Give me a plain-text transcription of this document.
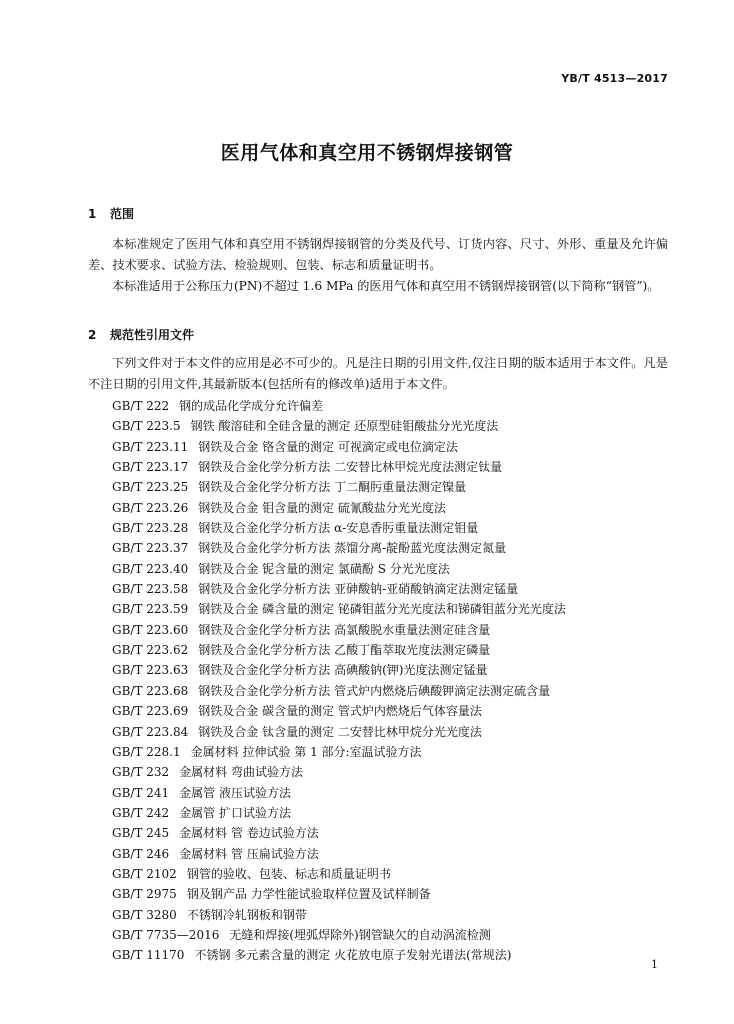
YB/T 4513—2017
医用气体和真空用不锈钢焊接钢管
1 范围

本标准规定了医用气体和真空用不锈钢焊接钢管的分类及代号、订货内容、尺寸、外形、重量及允许偏差、技术要求、试验方法、检验规则、包装、标志和质量证明书。

本标准适用于公称压力(PN)不超过 1.6 MPa 的医用气体和真空用不锈钢焊接钢管(以下简称“钢管”)。

2 规范性引用文件

下列文件对于本文件的应用是必不可少的。凡是注日期的引用文件,仅注日期的版本适用于本文件。凡是不注日期的引用文件,其最新版本(包括所有的修改单)适用于本文件。

GB/T 222 钢的成品化学成分允许偏差
GB/T 223.5 钢铁 酸溶硅和全硅含量的测定 还原型硅钼酸盐分光光度法
GB/T 223.11 钢铁及合金 铬含量的测定 可视滴定或电位滴定法
GB/T 223.17 钢铁及合金化学分析方法 二安替比林甲烷光度法测定钛量
GB/T 223.25 钢铁及合金化学分析方法 丁二酮肟重量法测定镍量
GB/T 223.26 钢铁及合金 钼含量的测定 硫氰酸盐分光光度法
GB/T 223.28 钢铁及合金化学分析方法 α-安息香肟重量法测定钼量
GB/T 223.37 钢铁及合金化学分析方法 蒸馏分离-靛酚蓝光度法测定氮量
GB/T 223.40 钢铁及合金 铌含量的测定 氯磺酚 S 分光光度法
GB/T 223.58 钢铁及合金化学分析方法 亚砷酸钠-亚硝酸钠滴定法测定锰量
GB/T 223.59 钢铁及合金 磷含量的测定 铋磷钼蓝分光光度法和锑磷钼蓝分光光度法
GB/T 223.60 钢铁及合金化学分析方法 高氯酸脱水重量法测定硅含量
GB/T 223.62 钢铁及合金化学分析方法 乙酸丁酯萃取光度法测定磷量
GB/T 223.63 钢铁及合金化学分析方法 高碘酸钠(钾)光度法测定锰量
GB/T 223.68 钢铁及合金化学分析方法 管式炉内燃烧后碘酸钾滴定法测定硫含量
GB/T 223.69 钢铁及合金 碳含量的测定 管式炉内燃烧后气体容量法
GB/T 223.84 钢铁及合金 钛含量的测定 二安替比林甲烷分光光度法
GB/T 228.1 金属材料 拉伸试验 第 1 部分:室温试验方法
GB/T 232 金属材料 弯曲试验方法
GB/T 241 金属管 液压试验方法
GB/T 242 金属管 扩口试验方法
GB/T 245 金属材料 管 卷边试验方法
GB/T 246 金属材料 管 压扁试验方法
GB/T 2102 钢管的验收、包装、标志和质量证明书
GB/T 2975 钢及钢产品 力学性能试验取样位置及试样制备
GB/T 3280 不锈钢冷轧钢板和钢带
GB/T 7735—2016 无缝和焊接(埋弧焊除外)钢管缺欠的自动涡流检测
GB/T 11170 不锈钢 多元素含量的测定 火花放电原子发射光谱法(常规法)
1
